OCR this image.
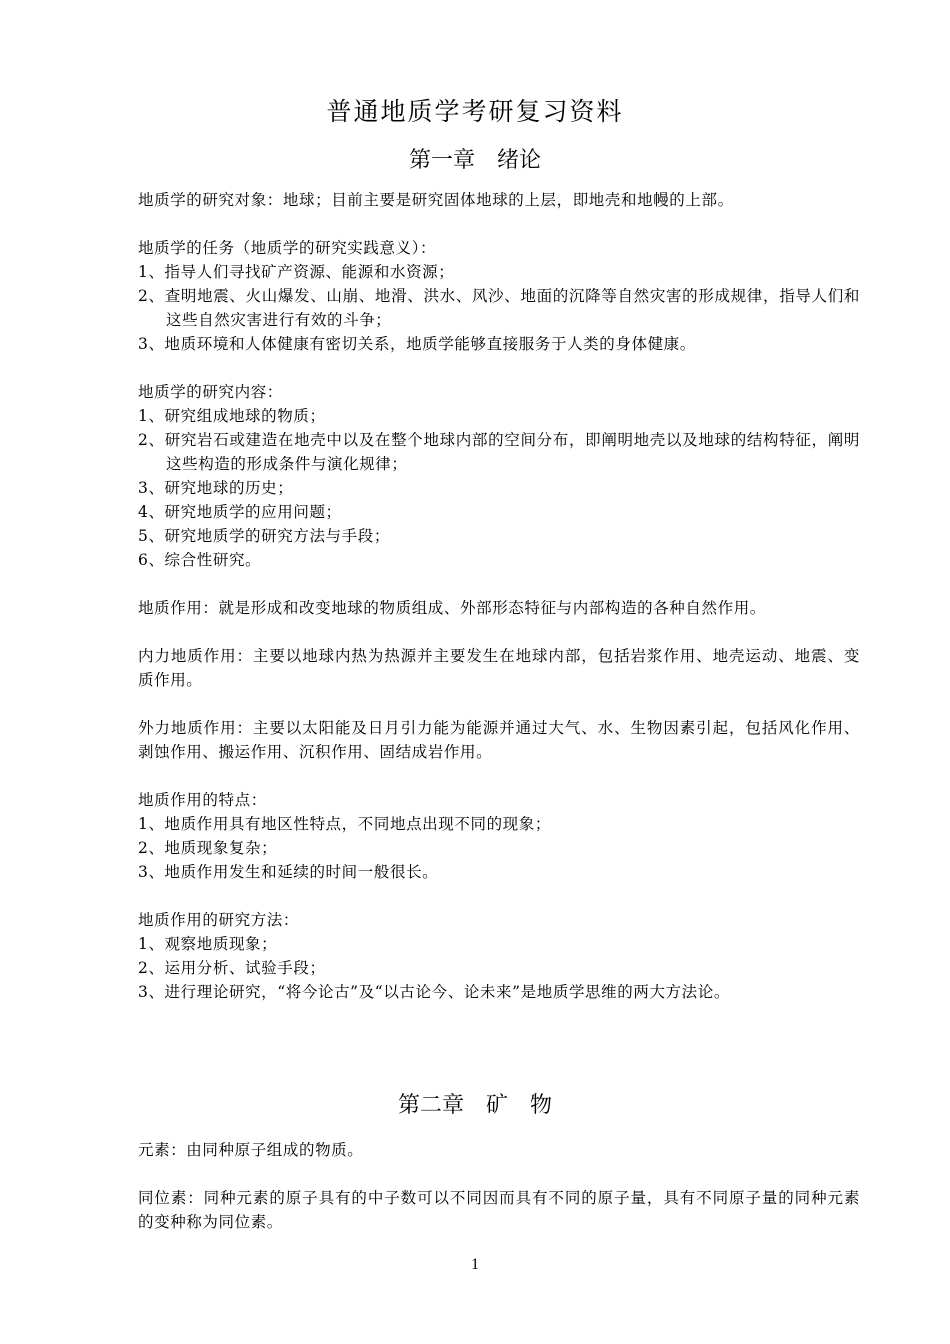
普通地质学考研复习资料
第一章　绪论

地质学的研究对象：地球；目前主要是研究固体地球的上层，即地壳和地幔的上部。

地质学的任务（地质学的研究实践意义）：

1、指导人们寻找矿产资源、能源和水资源；

2、查明地震、火山爆发、山崩、地滑、洪水、风沙、地面的沉降等自然灾害的形成规律，指导人们和这些自然灾害进行有效的斗争；

3、地质环境和人体健康有密切关系，地质学能够直接服务于人类的身体健康。

地质学的研究内容：

1、研究组成地球的物质；

2、研究岩石或建造在地壳中以及在整个地球内部的空间分布，即阐明地壳以及地球的结构特征，阐明这些构造的形成条件与演化规律；

3、研究地球的历史；

4、研究地质学的应用问题；

5、研究地质学的研究方法与手段；

6、综合性研究。

地质作用：就是形成和改变地球的物质组成、外部形态特征与内部构造的各种自然作用。

内力地质作用：主要以地球内热为热源并主要发生在地球内部，包括岩浆作用、地壳运动、地震、变质作用。

外力地质作用：主要以太阳能及日月引力能为能源并通过大气、水、生物因素引起，包括风化作用、剥蚀作用、搬运作用、沉积作用、固结成岩作用。

地质作用的特点：

1、地质作用具有地区性特点，不同地点出现不同的现象；

2、地质现象复杂；

3、地质作用发生和延续的时间一般很长。

地质作用的研究方法：

1、观察地质现象；

2、运用分析、试验手段；

3、进行理论研究，“将今论古”及“以古论今、论未来”是地质学思维的两大方法论。

第二章　矿　物

元素：由同种原子组成的物质。

同位素：同种元素的原子具有的中子数可以不同因而具有不同的原子量，具有不同原子量的同种元素的变种称为同位素。

1
